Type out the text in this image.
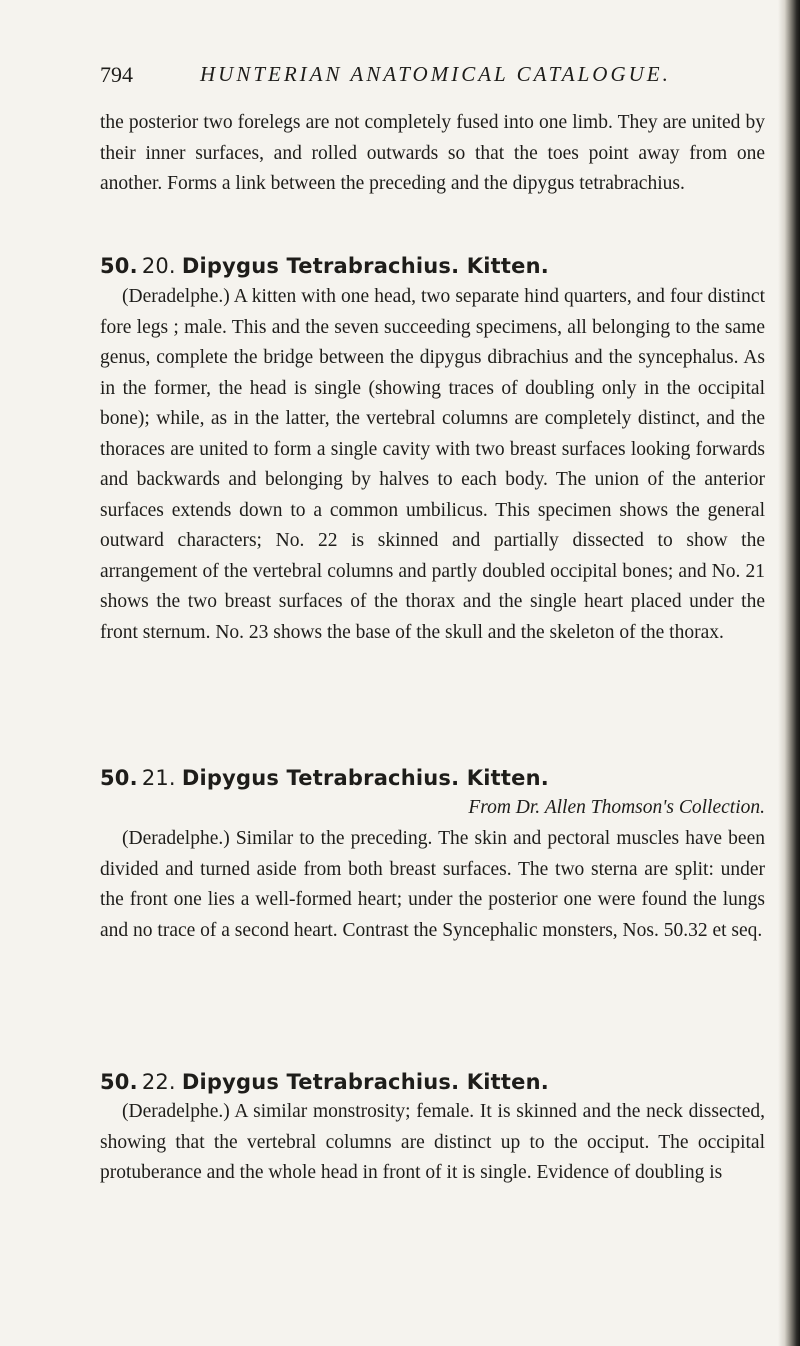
794	HUNTERIAN ANATOMICAL CATALOGUE.

the posterior two forelegs are not completely fused into one limb. They are united by their inner surfaces, and rolled outwards so that the toes point away from one another. Forms a link between the preceding and the dipygus tetrabrachius.

50. 20. Dipygus Tetrabrachius. Kitten.

(Deradelphe.) A kitten with one head, two separate hind quarters, and four distinct fore legs ; male. This and the seven succeeding specimens, all belonging to the same genus, complete the bridge between the dipygus dibrachius and the syncephalus. As in the former, the head is single (showing traces of doubling only in the occipital bone); while, as in the latter, the vertebral columns are completely distinct, and the thoraces are united to form a single cavity with two breast surfaces looking forwards and backwards and belonging by halves to each body. The union of the anterior surfaces extends down to a common umbilicus. This specimen shows the general outward characters; No. 22 is skinned and partially dissected to show the arrangement of the vertebral columns and partly doubled occipital bones; and No. 21 shows the two breast surfaces of the thorax and the single heart placed under the front sternum. No. 23 shows the base of the skull and the skeleton of the thorax.

50. 21. Dipygus Tetrabrachius. Kitten.
From Dr. Allen Thomson's Collection.

(Deradelphe.) Similar to the preceding. The skin and pectoral muscles have been divided and turned aside from both breast surfaces. The two sterna are split: under the front one lies a well-formed heart; under the posterior one were found the lungs and no trace of a second heart. Contrast the Syncephalic monsters, Nos. 50.32 et seq.

50. 22. Dipygus Tetrabrachius. Kitten.

(Deradelphe.) A similar monstrosity; female. It is skinned and the neck dissected, showing that the vertebral columns are distinct up to the occiput. The occipital protuberance and the whole head in front of it is single. Evidence of doubling is
